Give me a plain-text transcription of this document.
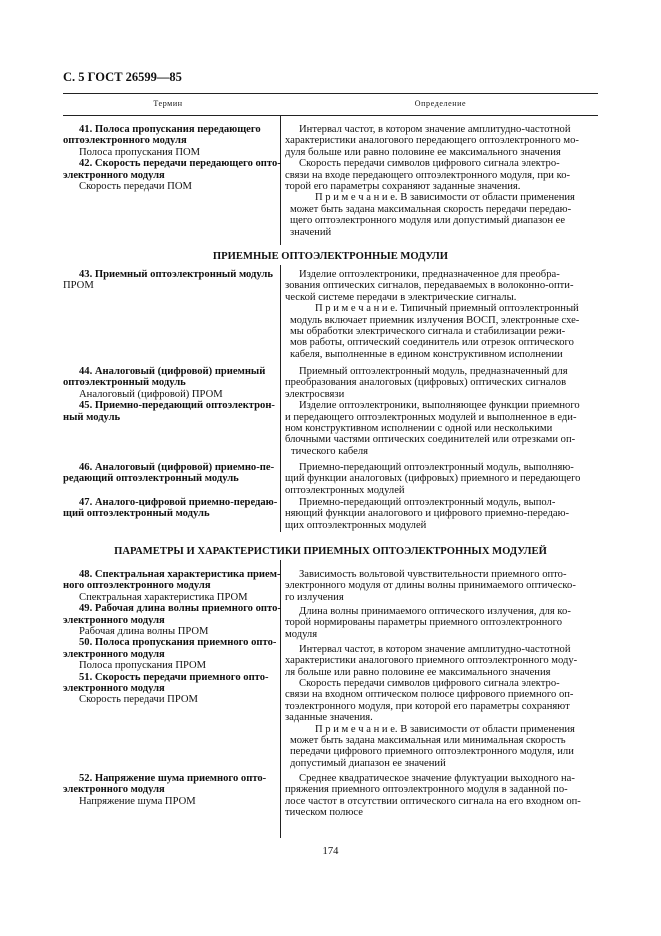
С. 5 ГОСТ 26599—85
Термин	Определение
41. Полоса пропускания передающего
оптоэлектронного модуля
Полоса пропускания ПОМ
42. Скорость передачи передающего опто-
электронного модуля
Скорость передачи ПОМ
Интервал частот, в котором значение амплитудно-частотной
характеристики аналогового передающего оптоэлектронного мо-
дуля больше или равно половине ее максимального значения
Скорость передачи символов цифрового сигнала электро-
связи на входе передающего оптоэлектронного модуля, при ко-
торой его параметры сохраняют заданные значения.
П р и м е ч а н и е. В зависимости от области применения
может быть задана максимальная скорость передачи передаю-
щего оптоэлектронного модуля или допустимый диапазон ее
значений
ПРИЕМНЫЕ ОПТОЭЛЕКТРОННЫЕ МОДУЛИ
43. Приемный оптоэлектронный модуль
ПРОМ
Изделие оптоэлектроники, предназначенное для преобра-
зования оптических сигналов, передаваемых в волоконно-опти-
ческой системе передачи в электрические сигналы.
П р и м е ч а н и е. Типичный приемный оптоэлектронный
модуль включает приемник излучения ВОСП, электронные схе-
мы обработки электрического сигнала и стабилизации режи-
мов работы, оптический соединитель или отрезок оптического
кабеля, выполненные в едином конструктивном исполнении
44. Аналоговый (цифровой) приемный
оптоэлектронный модуль
Аналоговый (цифровой) ПРОМ
45. Приемно-передающий оптоэлектрон-
ный модуль
Приемный оптоэлектронный модуль, предназначенный для
преобразования аналоговых (цифровых) оптических сигналов
электросвязи
Изделие оптоэлектроники, выполняющее функции приемного
и передающего оптоэлектронных модулей и выполненное в еди-
ном конструктивном исполнении с одной или несколькими
блочными частями оптических соединителей или отрезками оп-
тического кабеля
46. Аналоговый (цифровой) приемно-пе-
редающий оптоэлектронный модуль
Приемно-передающий оптоэлектронный модуль, выполняю-
щий функции аналоговых (цифровых) приемного и передающего
оптоэлектронных модулей
47. Аналого-цифровой приемно-передаю-
щий оптоэлектронный модуль
Приемно-передающий оптоэлектронный модуль, выпол-
няющий функции аналогового и цифрового приемно-передаю-
щих оптоэлектронных модулей
ПАРАМЕТРЫ И ХАРАКТЕРИСТИКИ ПРИЕМНЫХ ОПТОЭЛЕКТРОННЫХ МОДУЛЕЙ
48. Спектральная характеристика прием-
ного оптоэлектронного модуля
Спектральная характеристика ПРОМ
49. Рабочая длина волны приемного опто-
электронного модуля
Рабочая длина волны ПРОМ
50. Полоса пропускания приемного опто-
электронного модуля
Полоса пропускания ПРОМ
51. Скорость передачи приемного опто-
электронного модуля
Скорость передачи ПРОМ
Зависимость вольтовой чувствительности приемного опто-
электронного модуля от длины волны принимаемого оптическо-
го излучения
Длина волны принимаемого оптического излучения, для ко-
торой нормированы параметры приемного оптоэлектронного
модуля
Интервал частот, в котором значение амплитудно-частотной
характеристики аналогового приемного оптоэлектронного моду-
ля больше или равно половине ее максимального значения
Скорость передачи символов цифрового сигнала электро-
связи на входном оптическом полюсе цифрового приемного оп-
тоэлектронного модуля, при которой его параметры сохраняют
заданные значения.
П р и м е ч а н и е. В зависимости от области применения
может быть задана максимальная или минимальная скорость
передачи цифрового приемного оптоэлектронного модуля, или
допустимый диапазон ее значений
52. Напряжение шума приемного опто-
электронного модуля
Напряжение шума ПРОМ
Среднее квадратическое значение флуктуации выходного на-
пряжения приемного оптоэлектронного модуля в заданной по-
лосе частот в отсутствии оптического сигнала на его входном оп-
тическом полюсе
174
